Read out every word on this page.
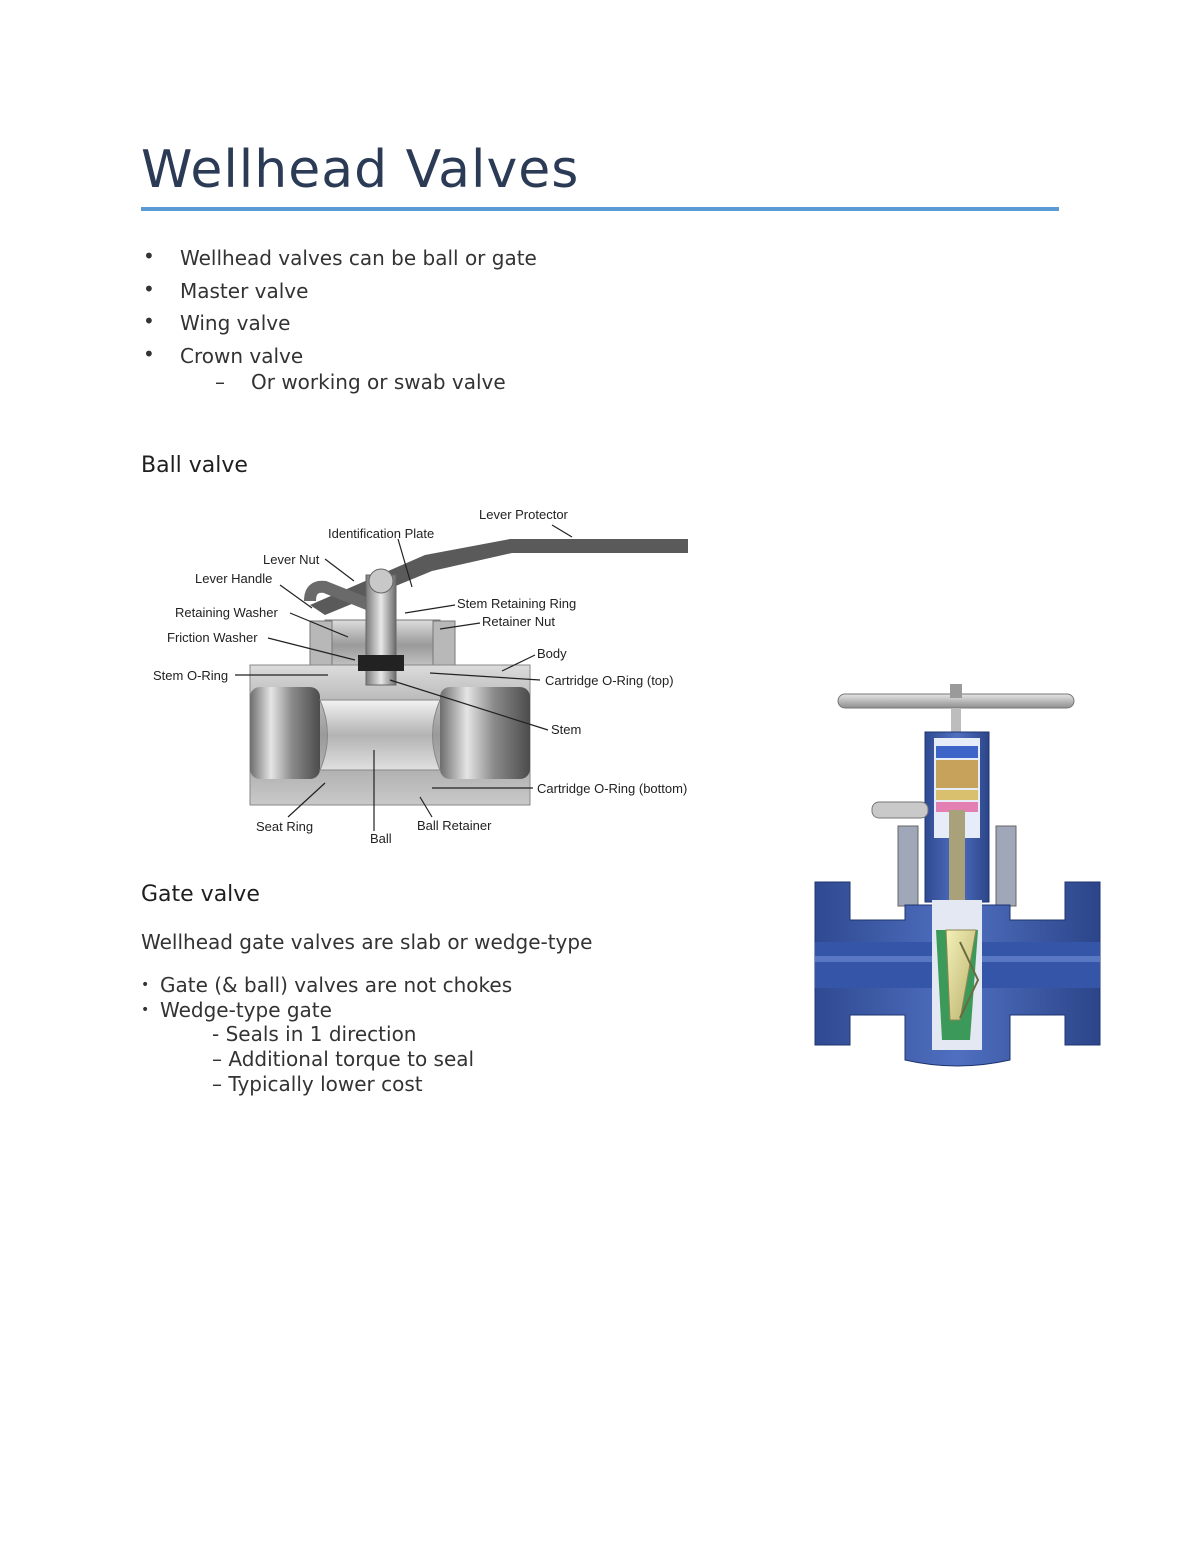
Wellhead Valves
• Wellhead valves can be ball or gate
• Master valve
• Wing valve
• Crown valve
– Or working or swab valve
Ball valve
Lever Protector
Identification Plate
Lever Nut
Lever Handle
Retaining Washer
Friction Washer
Stem O-Ring
Stem Retaining Ring
Retainer Nut
Body
Cartridge O-Ring (top)
Stem
Cartridge O-Ring (bottom)
Seat Ring
Ball
Ball Retainer
Gate valve
Wellhead gate valves are slab or wedge-type
• Gate (& ball) valves are not chokes
• Wedge-type gate
- Seals in 1 direction
– Additional torque to seal
– Typically lower cost
